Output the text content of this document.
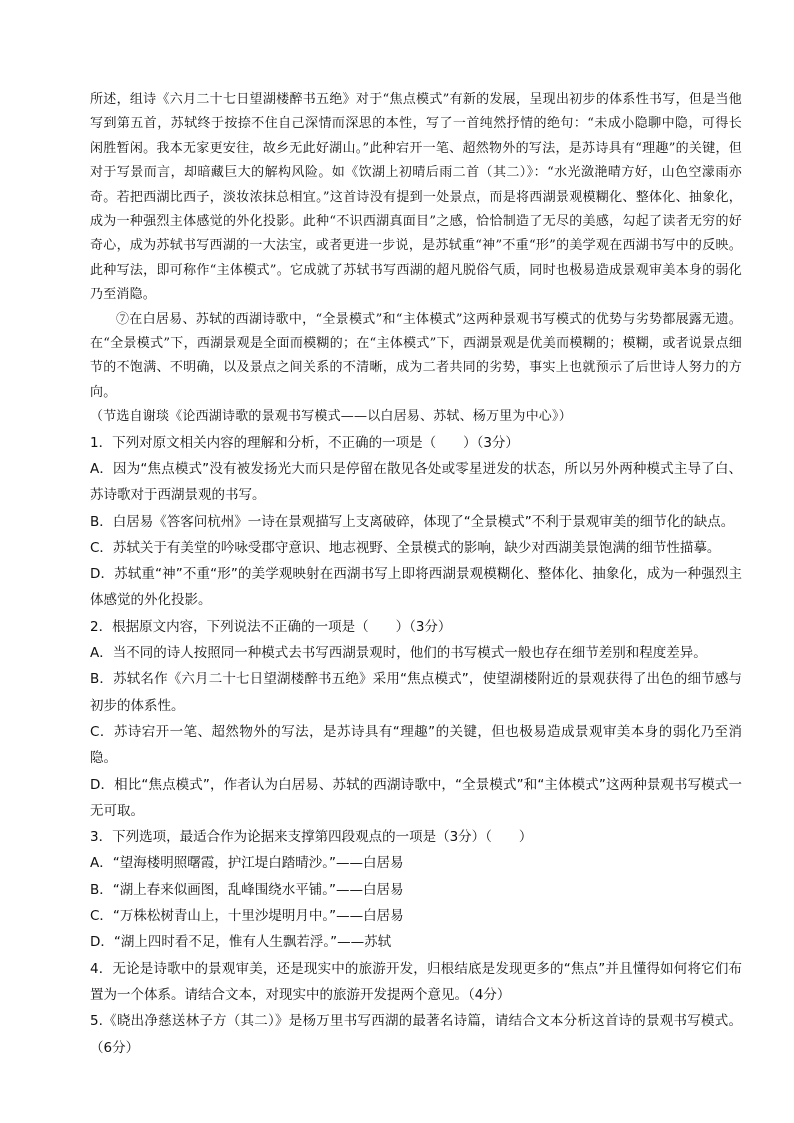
所述，组诗《六月二十七日望湖楼醉书五绝》对于“焦点模式”有新的发展，呈现出初步的体系性书写，但是当他写到第五首，苏轼终于按捺不住自己深情而深思的本性，写了一首纯然抒情的绝句：“未成小隐聊中隐，可得长闲胜暂闲。我本无家更安往，故乡无此好湖山。”此种宕开一笔、超然物外的写法，是苏诗具有“理趣”的关键，但对于写景而言，却暗藏巨大的解构风险。如《饮湖上初晴后雨二首（其二）》：“水光潋滟晴方好，山色空濛雨亦奇。若把西湖比西子，淡妆浓抹总相宜。”这首诗没有提到一处景点，而是将西湖景观模糊化、整体化、抽象化，成为一种强烈主体感觉的外化投影。此种“不识西湖真面目”之感，恰恰制造了无尽的美感，勾起了读者无穷的好奇心，成为苏轼书写西湖的一大法宝，或者更进一步说，是苏轼重“神”不重“形”的美学观在西湖书写中的反映。此种写法，即可称作“主体模式”。它成就了苏轼书写西湖的超凡脱俗气质，同时也极易造成景观审美本身的弱化乃至消隐。

⑦在白居易、苏轼的西湖诗歌中，“全景模式”和“主体模式”这两种景观书写模式的优势与劣势都展露无遗。在“全景模式”下，西湖景观是全面而模糊的；在“主体模式”下，西湖景观是优美而模糊的；模糊，或者说景点细节的不饱满、不明确，以及景点之间关系的不清晰，成为二者共同的劣势，事实上也就预示了后世诗人努力的方向。

（节选自谢琰《论西湖诗歌的景观书写模式——以白居易、苏轼、杨万里为中心》）

1．下列对原文相关内容的理解和分析，不正确的一项是（　　）（3分）

A．因为“焦点模式”没有被发扬光大而只是停留在散见各处或零星迸发的状态，所以另外两种模式主导了白、苏诗歌对于西湖景观的书写。

B．白居易《答客问杭州》一诗在景观描写上支离破碎，体现了“全景模式”不利于景观审美的细节化的缺点。

C．苏轼关于有美堂的吟咏受郡守意识、地志视野、全景模式的影响，缺少对西湖美景饱满的细节性描摹。

D．苏轼重“神”不重“形”的美学观映射在西湖书写上即将西湖景观模糊化、整体化、抽象化，成为一种强烈主体感觉的外化投影。

2．根据原文内容，下列说法不正确的一项是（　　）（3分）

A．当不同的诗人按照同一种模式去书写西湖景观时，他们的书写模式一般也存在细节差别和程度差异。

B．苏轼名作《六月二十七日望湖楼醉书五绝》采用“焦点模式”，使望湖楼附近的景观获得了出色的细节感与初步的体系性。

C．苏诗宕开一笔、超然物外的写法，是苏诗具有“理趣”的关键，但也极易造成景观审美本身的弱化乃至消隐。

D．相比“焦点模式”，作者认为白居易、苏轼的西湖诗歌中，“全景模式”和“主体模式”这两种景观书写模式一无可取。

3．下列选项，最适合作为论据来支撑第四段观点的一项是（3分）（　　）

A．“望海楼明照曙霞，护江堤白踏晴沙。”——白居易

B．“湖上春来似画图，乱峰围绕水平铺。”——白居易

C．“万株松树青山上，十里沙堤明月中。”——白居易

D．“湖上四时看不足，惟有人生飘若浮。”——苏轼

4．无论是诗歌中的景观审美，还是现实中的旅游开发，归根结底是发现更多的“焦点”并且懂得如何将它们布置为一个体系。请结合文本，对现实中的旅游开发提两个意见。（4分）

5.《晓出净慈送林子方（其二）》是杨万里书写西湖的最著名诗篇，请结合文本分析这首诗的景观书写模式。（6分）
